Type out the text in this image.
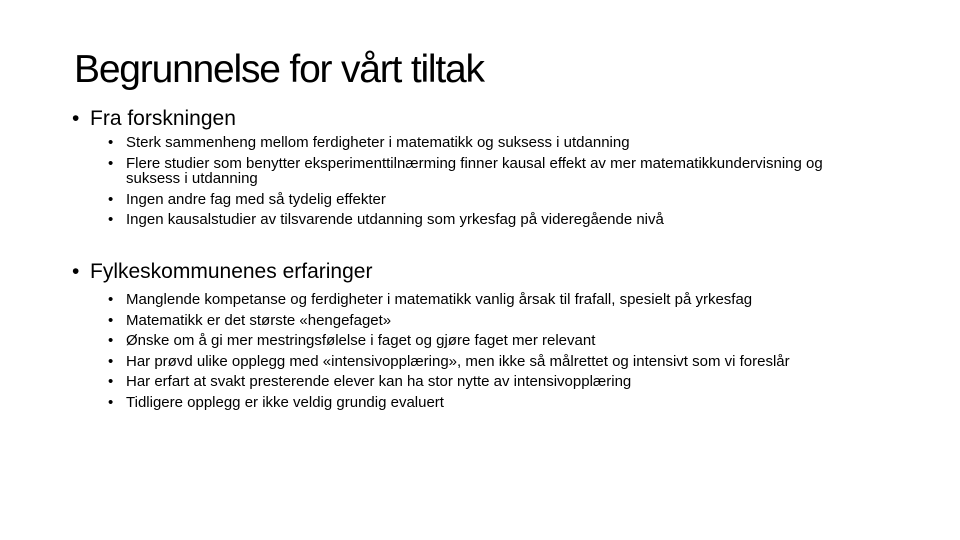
Begrunnelse for vårt tiltak
• Fra forskningen
• Sterk sammenheng mellom ferdigheter i matematikk og suksess i utdanning
• Flere studier som benytter eksperimenttilnærming finner kausal effekt av mer matematikkundervisning og suksess i utdanning
• Ingen andre fag med så tydelig effekter
• Ingen kausalstudier av tilsvarende utdanning som yrkesfag på videregående nivå
• Fylkeskommunenes erfaringer
• Manglende kompetanse og ferdigheter i matematikk vanlig årsak til frafall, spesielt på yrkesfag
• Matematikk er det største «hengefaget»
• Ønske om å gi mer mestringsfølelse i faget og gjøre faget mer relevant
• Har prøvd ulike opplegg med «intensivopplæring», men ikke så målrettet og intensivt som vi foreslår
• Har erfart at svakt presterende elever kan ha stor nytte av intensivopplæring
• Tidligere opplegg er ikke veldig grundig evaluert
